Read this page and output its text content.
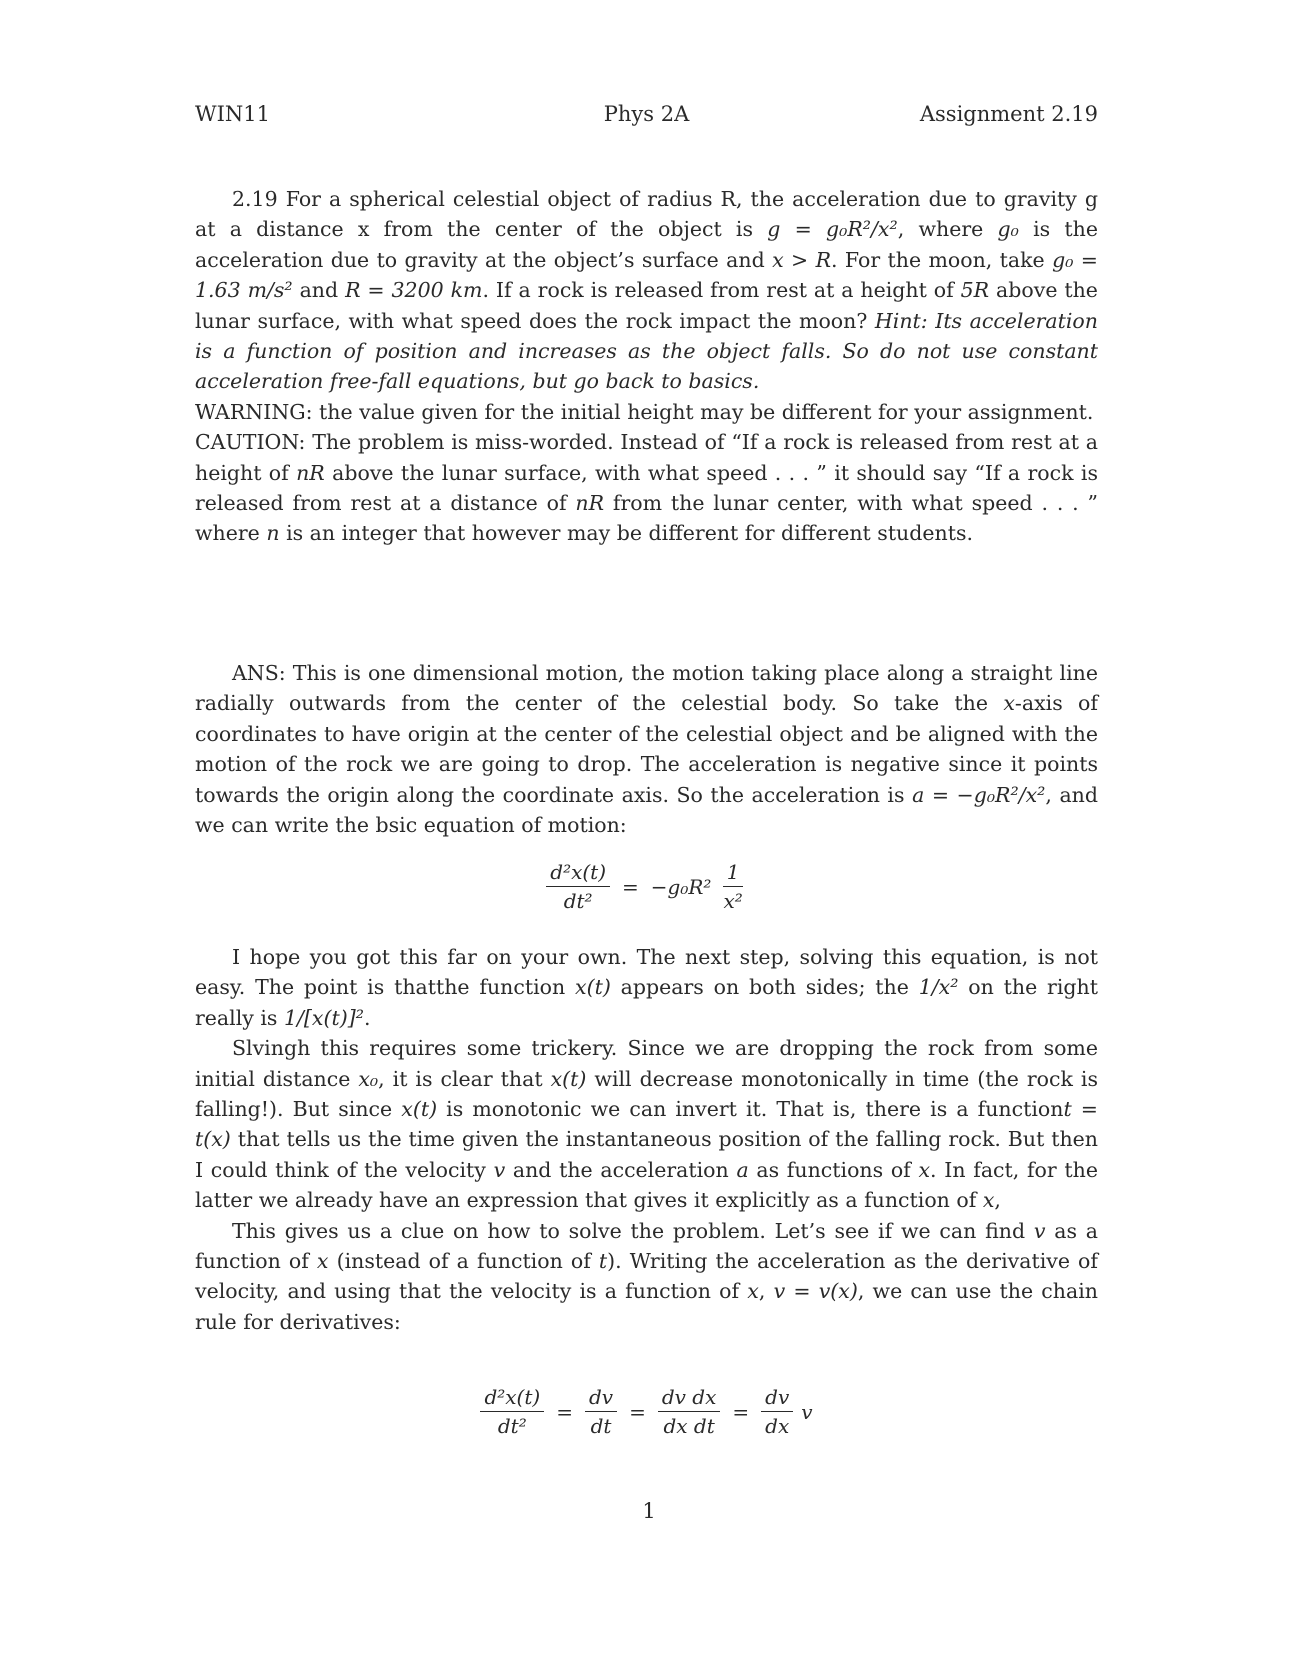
WIN11	Phys 2A	Assignment 2.19

2.19 For a spherical celestial object of radius R, the acceleration due to gravity g at a distance x from the center of the object is g = g₀R²/x², where g₀ is the acceleration due to gravity at the object’s surface and x > R. For the moon, take g₀ = 1.63 m/s² and R = 3200 km. If a rock is released from rest at a height of 5R above the lunar surface, with what speed does the rock impact the moon? Hint: Its acceleration is a function of position and increases as the object falls. So do not use constant acceleration free-fall equations, but go back to basics.

WARNING: the value given for the initial height may be different for your assignment.

CAUTION: The problem is miss-worded. Instead of “If a rock is released from rest at a height of nR above the lunar surface, with what speed . . . ” it should say “If a rock is released from rest at a distance of nR from the lunar center, with what speed . . . ” where n is an integer that however may be different for different students.

ANS: This is one dimensional motion, the motion taking place along a straight line radially outwards from the center of the celestial body. So take the x-axis of coordinates to have origin at the center of the celestial object and be aligned with the motion of the rock we are going to drop. The acceleration is negative since it points towards the origin along the coordinate axis. So the acceleration is a = −g₀R²/x², and we can write the bsic equation of motion:

$\frac{\text{d²x(t)}}{\text{dt²}} = -g_0R^2 \frac{1}{\text{x²}}$

I hope you got this far on your own. The next step, solving this equation, is not easy. The point is thatthe function x(t) appears on both sides; the 1/x² on the right really is 1/[x(t)]².

Slvingh this requires some trickery. Since we are dropping the rock from some initial distance x₀, it is clear that x(t) will decrease monotonically in time (the rock is falling!). But since x(t) is monotonic we can invert it. That is, there is a functiont = t(x) that tells us the time given the instantaneous position of the falling rock. But then I could think of the velocity v and the acceleration a as functions of x. In fact, for the latter we already have an expression that gives it explicitly as a function of x,

This gives us a clue on how to solve the problem. Let’s see if we can find v as a function of x (instead of a function of t). Writing the acceleration as the derivative of velocity, and using that the velocity is a function of x, v = v(x), we can use the chain rule for derivatives:

$\frac{\text{d²x(t)}}{\text{dt²}} = \frac{dv}{dt} = \frac{\text{dv dx}}{\text{dx dt}} = \frac{dv}{dx}$ v
1
